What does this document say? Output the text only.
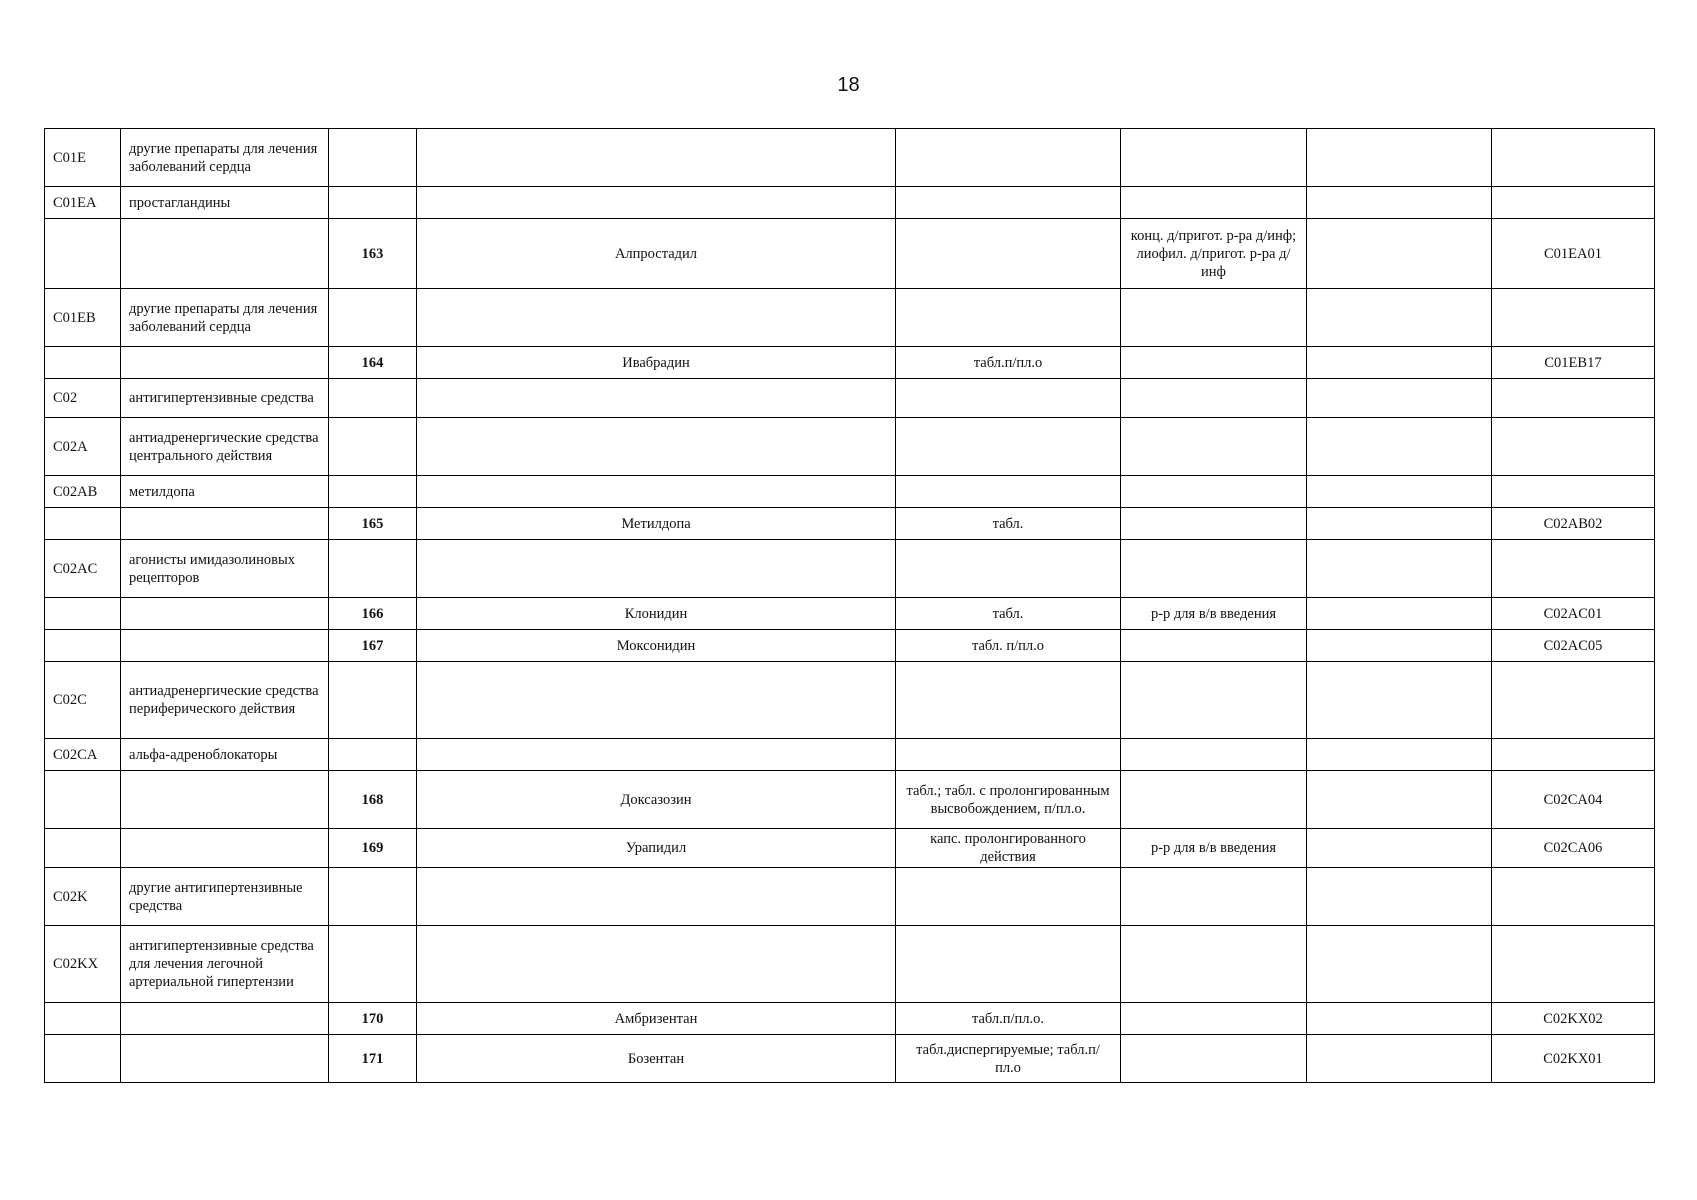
18
C01E	другие препараты для лечения заболеваний сердца						
C01EA	простагландины						
		163	Алпростадил		конц. д/пригот. р-ра д/инф; лиофил. д/пригот. р-ра д/инф		C01EA01
C01EB	другие препараты для лечения заболеваний сердца						
		164	Ивабрадин	табл.п/пл.о			C01EB17
C02	антигипертензивные средства						
C02A	антиадренергические средства центрального действия						
C02AB	метилдопа						
		165	Метилдопа	табл.			C02AB02
C02AC	агонисты имидазолиновых рецепторов						
		166	Клонидин	табл.	р-р для в/в введения		C02AC01
		167	Моксонидин	табл. п/пл.о			C02AC05
C02C	антиадренергические средства периферического действия						
C02CA	альфа-адреноблокаторы						
		168	Доксазозин	табл.; табл. с пролонгированным высвобождением, п/пл.о.			C02CA04
		169	Урапидил	капс. пролонгированного действия	р-р для в/в введения		C02CA06
C02K	другие антигипертензивные средства						
C02KX	антигипертензивные средства для лечения легочной артериальной гипертензии						
		170	Амбризентан	табл.п/пл.о.			C02KX02
		171	Бозентан	табл.диспергируемые; табл.п/пл.о			C02KX01
